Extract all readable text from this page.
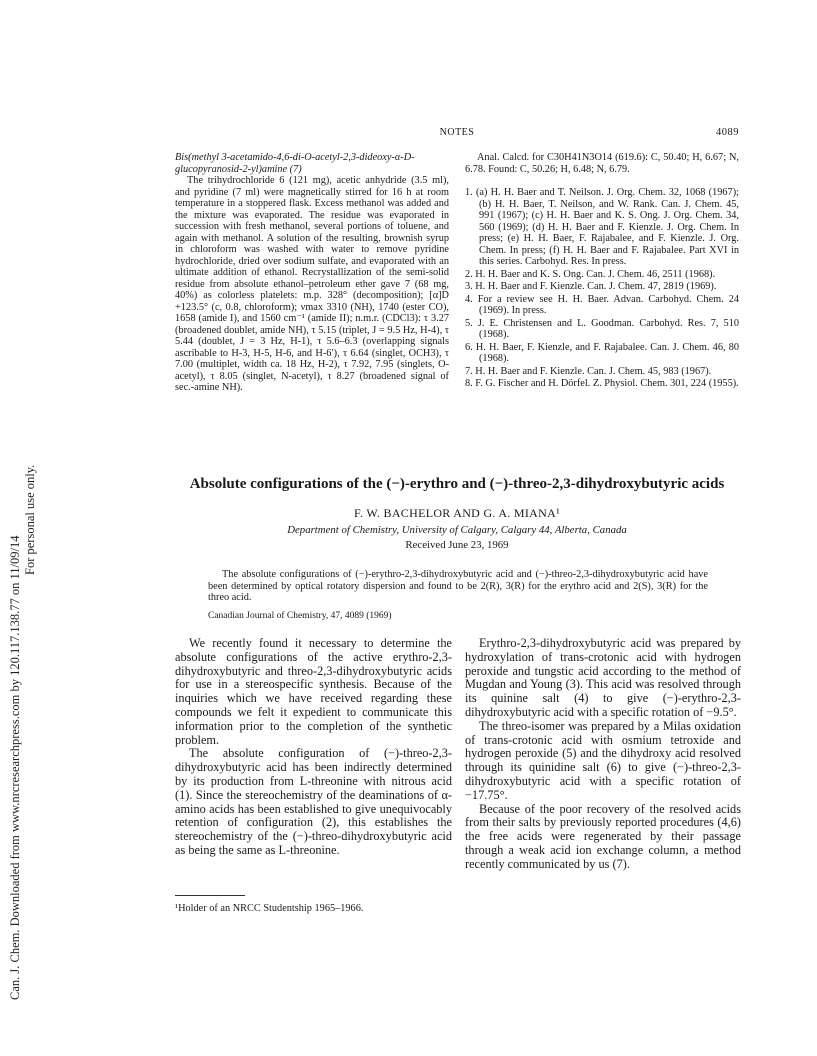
Can. J. Chem. Downloaded from www.nrcresearchpress.com by 120.117.138.77 on 11/09/14
For personal use only.
NOTES	4089
Bis(methyl 3-acetamido-4,6-di-O-acetyl-2,3-dideoxy-α-D-glucopyranosid-2-yl)amine (7)
The trihydrochloride 6 (121 mg), acetic anhydride (3.5 ml), and pyridine (7 ml) were magnetically stirred for 16 h at room temperature in a stoppered flask. Excess methanol was added and the mixture was evaporated. The residue was evaporated in succession with fresh methanol, several portions of toluene, and again with methanol. A solution of the resulting, brownish syrup in chloroform was washed with water to remove pyridine hydrochloride, dried over sodium sulfate, and evaporated with an ultimate addition of ethanol. Recrystallization of the semi-solid residue from absolute ethanol–petroleum ether gave 7 (68 mg, 40%) as colorless platelets: m.p. 328° (decomposition); [α]D +123.5° (c, 0.8, chloroform); νmax 3310 (NH), 1740 (ester CO), 1658 (amide I), and 1560 cm⁻¹ (amide II); n.m.r. (CDCl3): τ 3.27 (broadened doublet, amide NH), τ 5.15 (triplet, J = 9.5 Hz, H-4), τ 5.44 (doublet, J = 3 Hz, H-1), τ 5.6–6.3 (overlapping signals ascribable to H-3, H-5, H-6, and H-6′), τ 6.64 (singlet, OCH3), τ 7.00 (multiplet, width ca. 18 Hz, H-2), τ 7.92, 7.95 (singlets, O-acetyl), τ 8.05 (singlet, N-acetyl), τ 8.27 (broadened signal of sec.-amine NH).
Anal. Calcd. for C30H41N3O14 (619.6): C, 50.40; H, 6.67; N, 6.78. Found: C, 50.26; H, 6.48; N, 6.79.
1. (a) H. H. Baer and T. Neilson. J. Org. Chem. 32, 1068 (1967); (b) H. H. Baer, T. Neilson, and W. Rank. Can. J. Chem. 45, 991 (1967); (c) H. H. Baer and K. S. Ong. J. Org. Chem. 34, 560 (1969); (d) H. H. Baer and F. Kienzle. J. Org. Chem. In press; (e) H. H. Baer, F. Rajabalee, and F. Kienzle. J. Org. Chem. In press; (f) H. H. Baer and F. Rajabalee. Part XVI in this series. Carbohyd. Res. In press.
2. H. H. Baer and K. S. Ong. Can. J. Chem. 46, 2511 (1968).
3. H. H. Baer and F. Kienzle. Can. J. Chem. 47, 2819 (1969).
4. For a review see H. H. Baer. Advan. Carbohyd. Chem. 24 (1969). In press.
5. J. E. Christensen and L. Goodman. Carbohyd. Res. 7, 510 (1968).
6. H. H. Baer, F. Kienzle, and F. Rajabalee. Can. J. Chem. 46, 80 (1968).
7. H. H. Baer and F. Kienzle. Can. J. Chem. 45, 983 (1967).
8. F. G. Fischer and H. Dörfel. Z. Physiol. Chem. 301, 224 (1955).
Absolute configurations of the (−)-erythro and (−)-threo-2,3-dihydroxybutyric acids
F. W. BACHELOR AND G. A. MIANA¹
Department of Chemistry, University of Calgary, Calgary 44, Alberta, Canada
Received June 23, 1969
The absolute configurations of (−)-erythro-2,3-dihydroxybutyric acid and (−)-threo-2,3-dihydroxybutyric acid have been determined by optical rotatory dispersion and found to be 2(R), 3(R) for the erythro acid and 2(S), 3(R) for the threo acid.
Canadian Journal of Chemistry, 47, 4089 (1969)

We recently found it necessary to determine the absolute configurations of the active erythro-2,3-dihydroxybutyric and threo-2,3-dihydroxybutyric acids for use in a stereospecific synthesis. Because of the inquiries which we have received regarding these compounds we felt it expedient to communicate this information prior to the completion of the synthetic problem.

The absolute configuration of (−)-threo-2,3-dihydroxybutyric acid has been indirectly determined by its production from L-threonine with nitrous acid (1). Since the stereochemistry of the deaminations of α-amino acids has been established to give unequivocably retention of configuration (2), this establishes the stereochemistry of the (−)-threo-dihydroxybutyric acid as being the same as L-threonine.

Erythro-2,3-dihydroxybutyric acid was prepared by hydroxylation of trans-crotonic acid with hydrogen peroxide and tungstic acid according to the method of Mugdan and Young (3). This acid was resolved through its quinine salt (4) to give (−)-erythro-2,3-dihydroxybutyric acid with a specific rotation of −9.5°.

The threo-isomer was prepared by a Milas oxidation of trans-crotonic acid with osmium tetroxide and hydrogen peroxide (5) and the dihydroxy acid resolved through its quinidine salt (6) to give (−)-threo-2,3-dihydroxybutyric acid with a specific rotation of −17.75°.

Because of the poor recovery of the resolved acids from their salts by previously reported procedures (4,6) the free acids were regenerated by their passage through a weak acid ion exchange column, a method recently communicated by us (7).

¹Holder of an NRCC Studentship 1965–1966.
